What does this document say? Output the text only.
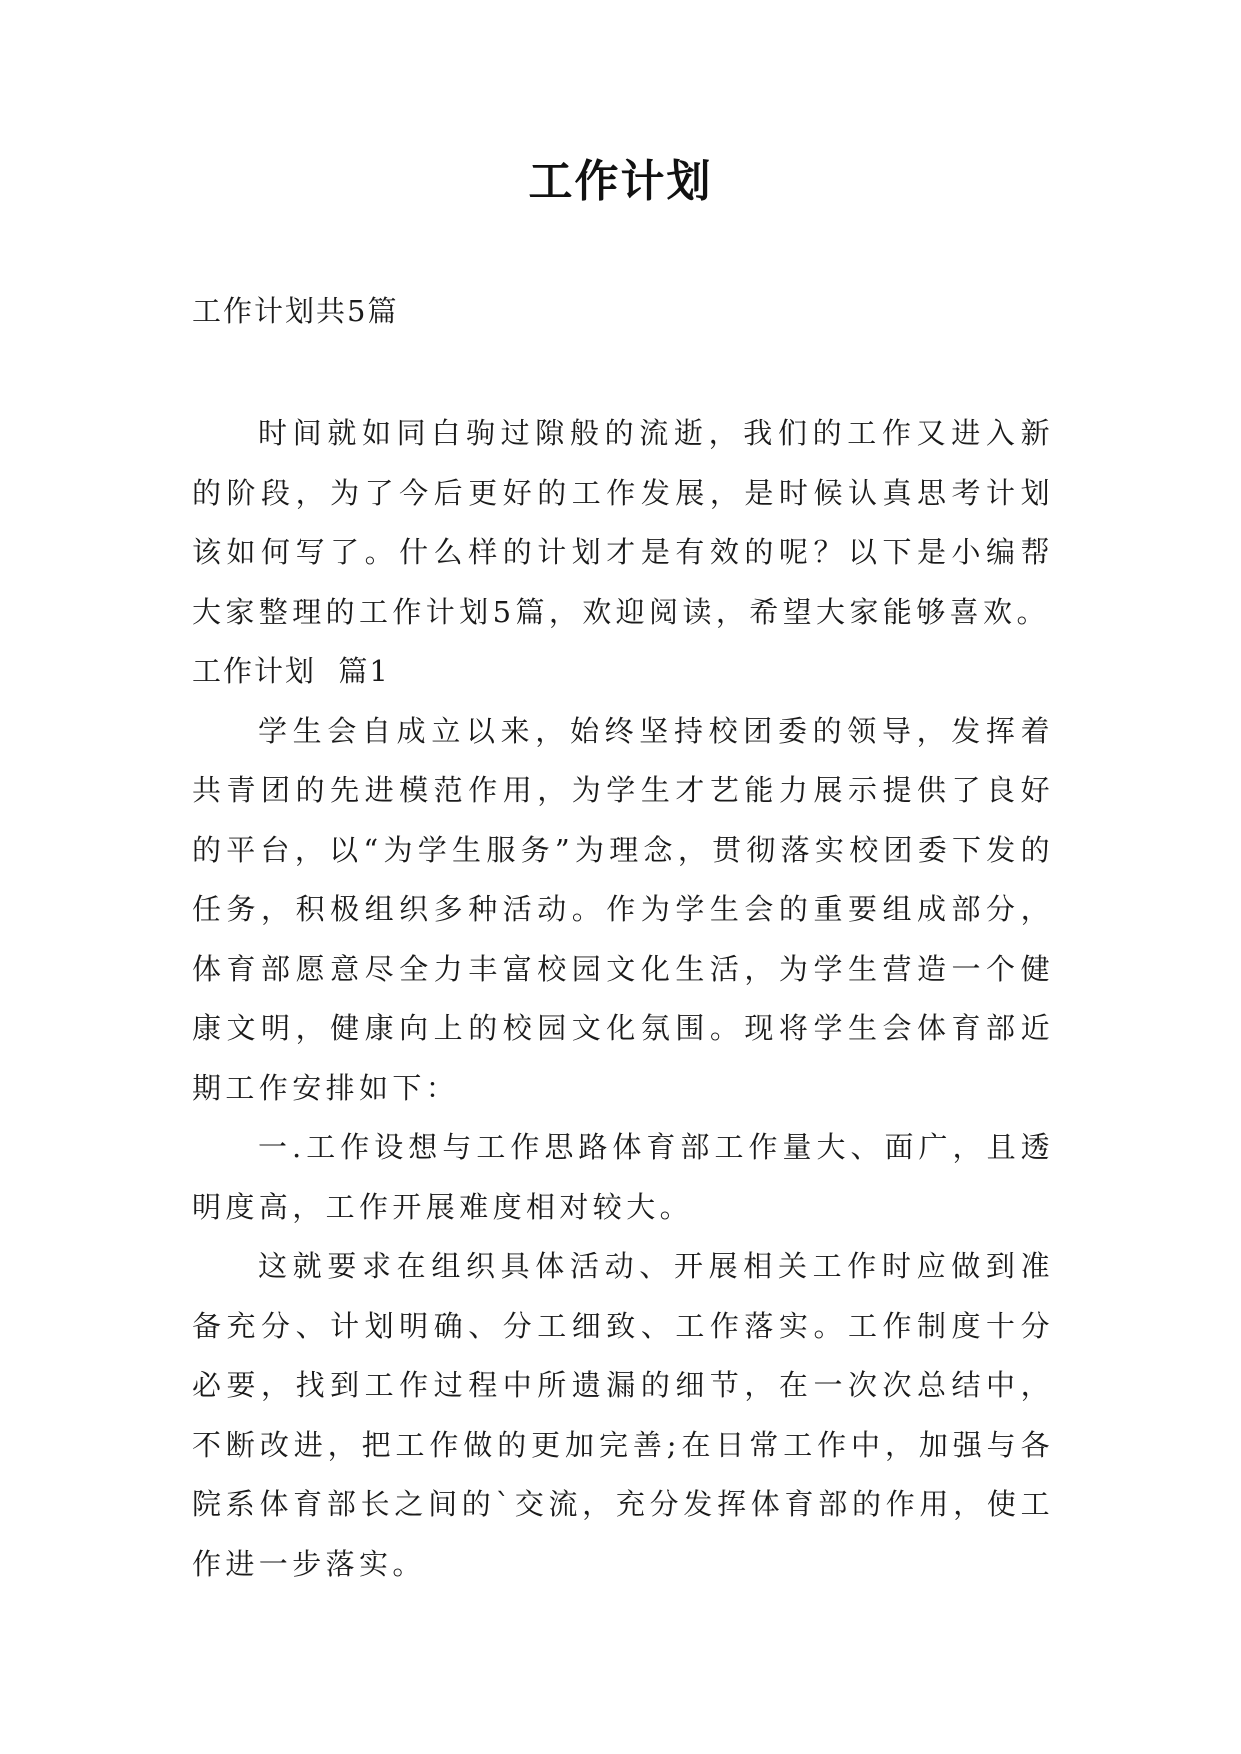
工作计划
工作计划共5篇

时间就如同白驹过隙般的流逝，我们的工作又进入新的阶段，为了今后更好的工作发展，是时候认真思考计划该如何写了。什么样的计划才是有效的呢？以下是小编帮大家整理的工作计划5篇，欢迎阅读，希望大家能够喜欢。

工作计划  篇1

学生会自成立以来，始终坚持校团委的领导，发挥着共青团的先进模范作用，为学生才艺能力展示提供了良好的平台，以“为学生服务”为理念，贯彻落实校团委下发的任务，积极组织多种活动。作为学生会的重要组成部分，体育部愿意尽全力丰富校园文化生活，为学生营造一个健康文明，健康向上的校园文化氛围。现将学生会体育部近期工作安排如下：

一.工作设想与工作思路体育部工作量大、面广，且透明度高，工作开展难度相对较大。

这就要求在组织具体活动、开展相关工作时应做到准备充分、计划明确、分工细致、工作落实。工作制度十分必要，找到工作过程中所遗漏的细节，在一次次总结中，不断改进，把工作做的更加完善;在日常工作中，加强与各院系体育部长之间的`交流，充分发挥体育部的作用，使工作进一步落实。
